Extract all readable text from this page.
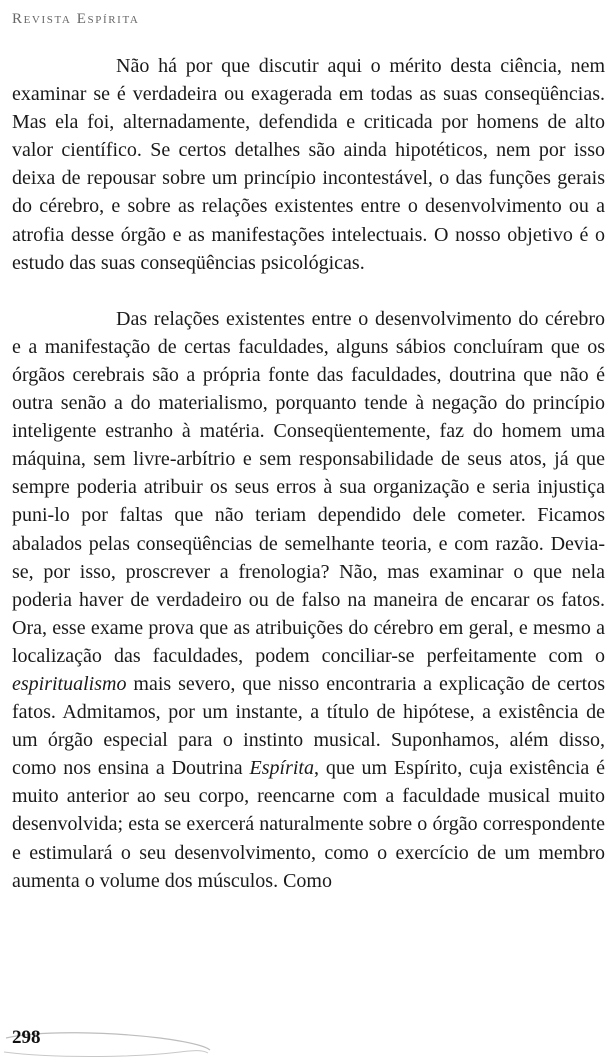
Revista Espírita

Não há por que discutir aqui o mérito desta ciência, nem examinar se é verdadeira ou exagerada em todas as suas conseqüências. Mas ela foi, alternadamente, defendida e criticada por homens de alto valor científico. Se certos detalhes são ainda hipotéticos, nem por isso deixa de repousar sobre um princípio incontestável, o das funções gerais do cérebro, e sobre as relações existentes entre o desenvolvimento ou a atrofia desse órgão e as manifestações intelectuais. O nosso objetivo é o estudo das suas conseqüências psicológicas.

Das relações existentes entre o desenvolvimento do cérebro e a manifestação de certas faculdades, alguns sábios concluíram que os órgãos cerebrais são a própria fonte das faculdades, doutrina que não é outra senão a do materialismo, porquanto tende à negação do princípio inteligente estranho à matéria. Conseqüentemente, faz do homem uma máquina, sem livre-arbítrio e sem responsabilidade de seus atos, já que sempre poderia atribuir os seus erros à sua organização e seria injustiça puni-lo por faltas que não teriam dependido dele cometer. Ficamos abalados pelas conseqüências de semelhante teoria, e com razão. Devia-se, por isso, proscrever a frenologia? Não, mas examinar o que nela poderia haver de verdadeiro ou de falso na maneira de encarar os fatos. Ora, esse exame prova que as atribuições do cérebro em geral, e mesmo a localização das faculdades, podem conciliar-se perfeitamente com o espiritualismo mais severo, que nisso encontraria a explicação de certos fatos. Admitamos, por um instante, a título de hipótese, a existência de um órgão especial para o instinto musical. Suponhamos, além disso, como nos ensina a Doutrina Espírita, que um Espírito, cuja existência é muito anterior ao seu corpo, reencarne com a faculdade musical muito desenvolvida; esta se exercerá naturalmente sobre o órgão correspondente e estimulará o seu desenvolvimento, como o exercício de um membro aumenta o volume dos músculos. Como

298
